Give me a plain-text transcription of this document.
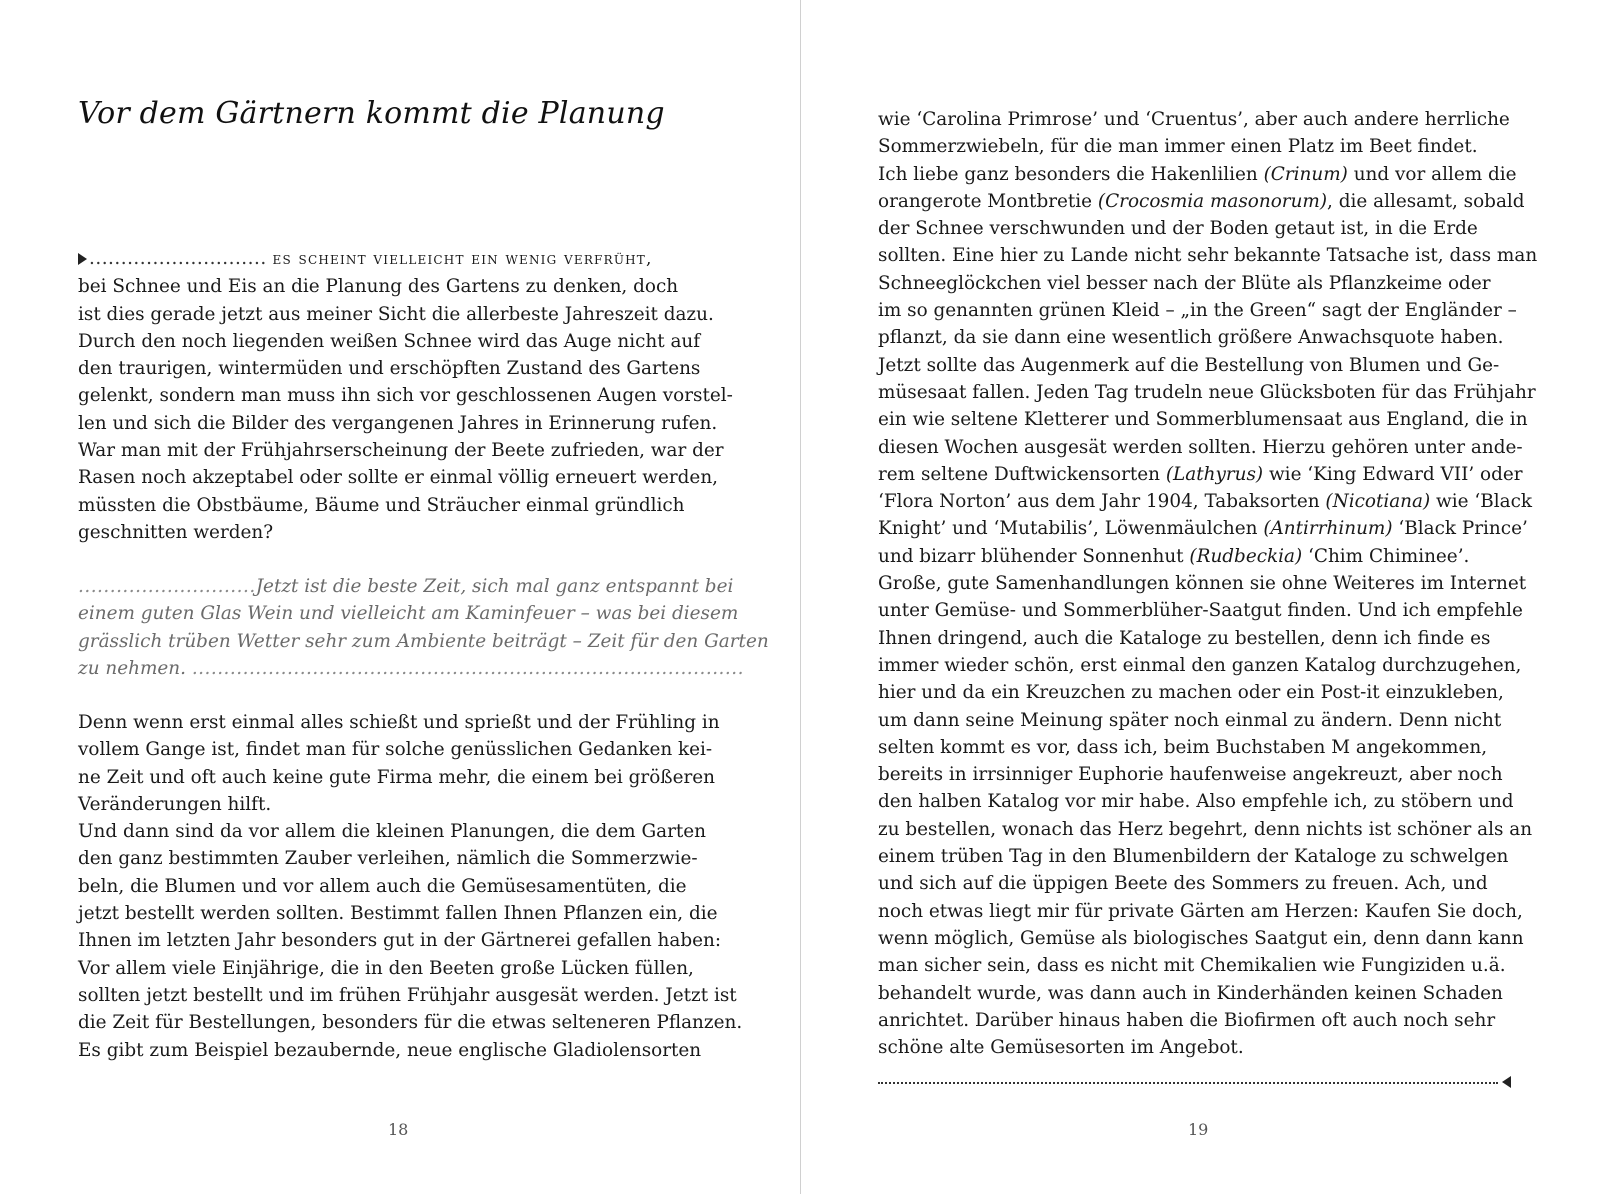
Vor dem Gärtnern kommt die Planung
............................ es scheint vielleicht ein wenig verfrüht,
bei Schnee und Eis an die Planung des Gartens zu denken, doch
ist dies gerade jetzt aus meiner Sicht die allerbeste Jahreszeit dazu.
Durch den noch liegenden weißen Schnee wird das Auge nicht auf
den traurigen, wintermüden und erschöpften Zustand des Gartens
gelenkt, sondern man muss ihn sich vor geschlossenen Augen vorstel-
len und sich die Bilder des vergangenen Jahres in Erinnerung rufen.
War man mit der Frühjahrserscheinung der Beete zufrieden, war der
Rasen noch akzeptabel oder sollte er einmal völlig erneuert werden,
müssten die Obstbäume, Bäume und Sträucher einmal gründlich
geschnitten werden?
............................Jetzt ist die beste Zeit, sich mal ganz entspannt bei
einem guten Glas Wein und vielleicht am Kaminfeuer – was bei diesem
grässlich trüben Wetter sehr zum Ambiente beiträgt – Zeit für den Garten
zu nehmen. .......................................................................................
Denn wenn erst einmal alles schießt und sprießt und der Frühling in
vollem Gange ist, findet man für solche genüsslichen Gedanken kei-
ne Zeit und oft auch keine gute Firma mehr, die einem bei größeren
Veränderungen hilft.
Und dann sind da vor allem die kleinen Planungen, die dem Garten
den ganz bestimmten Zauber verleihen, nämlich die Sommerzwie-
beln, die Blumen und vor allem auch die Gemüsesamentüten, die
jetzt bestellt werden sollten. Bestimmt fallen Ihnen Pflanzen ein, die
Ihnen im letzten Jahr besonders gut in der Gärtnerei gefallen haben:
Vor allem viele Einjährige, die in den Beeten große Lücken füllen,
sollten jetzt bestellt und im frühen Frühjahr ausgesät werden. Jetzt ist
die Zeit für Bestellungen, besonders für die etwas selteneren Pflanzen.
Es gibt zum Beispiel bezaubernde, neue englische Gladiolensorten
18
wie ‘Carolina Primrose’ und ‘Cruentus’, aber auch andere herrliche
Sommerzwiebeln, für die man immer einen Platz im Beet findet.
Ich liebe ganz besonders die Hakenlilien (Crinum) und vor allem die
orangerote Montbretie (Crocosmia masonorum), die allesamt, sobald
der Schnee verschwunden und der Boden getaut ist, in die Erde
sollten. Eine hier zu Lande nicht sehr bekannte Tatsache ist, dass man
Schneeglöckchen viel besser nach der Blüte als Pflanzkeime oder
im so genannten grünen Kleid – „in the Green“ sagt der Engländer –
pflanzt, da sie dann eine wesentlich größere Anwachsquote haben.
Jetzt sollte das Augenmerk auf die Bestellung von Blumen und Ge-
müsesaat fallen. Jeden Tag trudeln neue Glücksboten für das Frühjahr
ein wie seltene Kletterer und Sommerblumensaat aus England, die in
diesen Wochen ausgesät werden sollten. Hierzu gehören unter ande-
rem seltene Duftwickensorten (Lathyrus) wie ‘King Edward VII’ oder
‘Flora Norton’ aus dem Jahr 1904, Tabaksorten (Nicotiana) wie ‘Black
Knight’ und ‘Mutabilis’, Löwenmäulchen (Antirrhinum) ‘Black Prince’
und bizarr blühender Sonnenhut (Rudbeckia) ‘Chim Chiminee’.
Große, gute Samenhandlungen können sie ohne Weiteres im Internet
unter Gemüse- und Sommerblüher-Saatgut finden. Und ich empfehle
Ihnen dringend, auch die Kataloge zu bestellen, denn ich finde es
immer wieder schön, erst einmal den ganzen Katalog durchzugehen,
hier und da ein Kreuzchen zu machen oder ein Post-it einzukleben,
um dann seine Meinung später noch einmal zu ändern. Denn nicht
selten kommt es vor, dass ich, beim Buchstaben M angekommen,
bereits in irrsinniger Euphorie haufenweise angekreuzt, aber noch
den halben Katalog vor mir habe. Also empfehle ich, zu stöbern und
zu bestellen, wonach das Herz begehrt, denn nichts ist schöner als an
einem trüben Tag in den Blumenbildern der Kataloge zu schwelgen
und sich auf die üppigen Beete des Sommers zu freuen. Ach, und
noch etwas liegt mir für private Gärten am Herzen: Kaufen Sie doch,
wenn möglich, Gemüse als biologisches Saatgut ein, denn dann kann
man sicher sein, dass es nicht mit Chemikalien wie Fungiziden u.ä.
behandelt wurde, was dann auch in Kinderhänden keinen Schaden
anrichtet. Darüber hinaus haben die Biofirmen oft auch noch sehr
schöne alte Gemüsesorten im Angebot.
19
